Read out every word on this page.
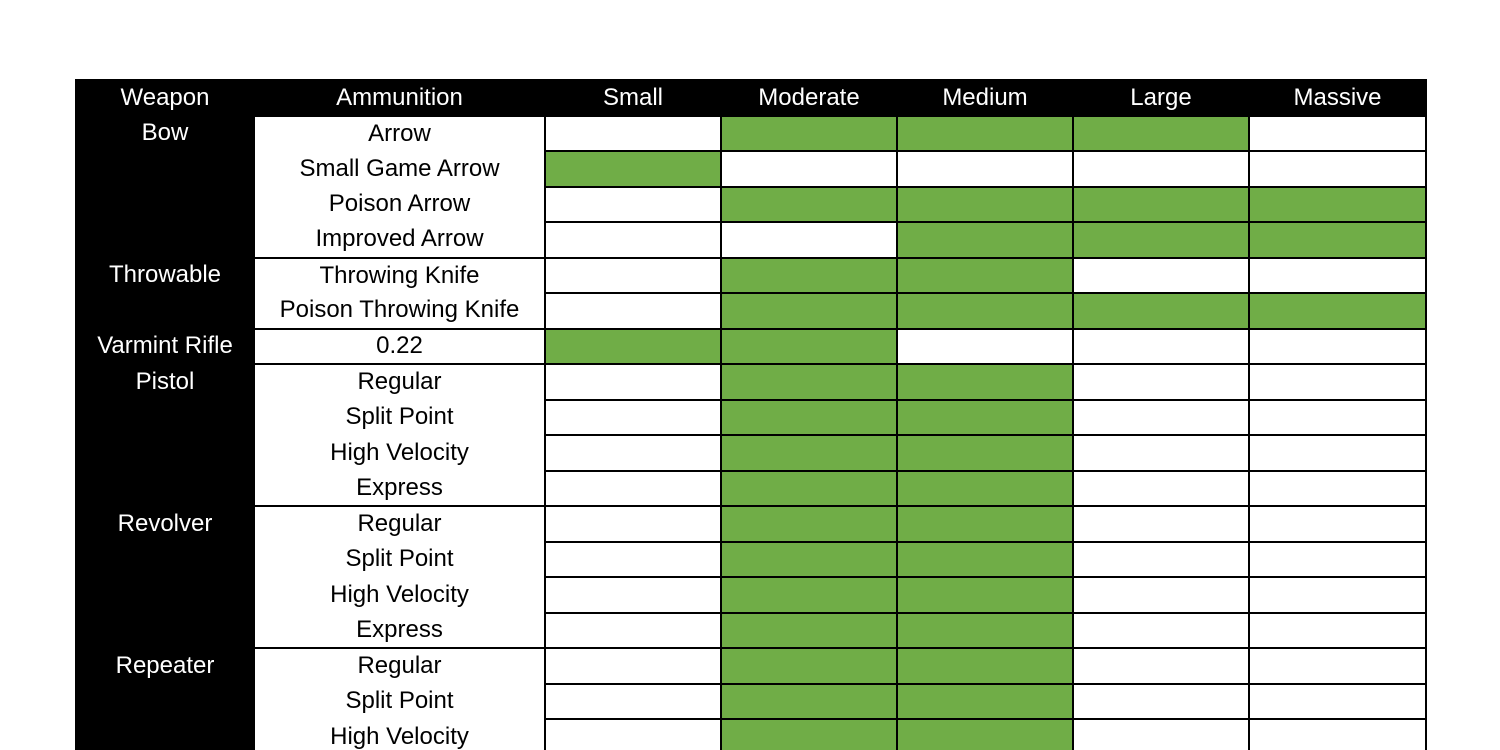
Weapon	Ammunition	Small	Moderate	Medium	Large	Massive
Bow	Arrow					
	Small Game Arrow					
	Poison Arrow					
	Improved Arrow					
Throwable	Throwing Knife					
	Poison Throwing Knife					
Varmint Rifle	0.22					
Pistol	Regular					
	Split Point					
	High Velocity					
	Express					
Revolver	Regular					
	Split Point					
	High Velocity					
	Express					
Repeater	Regular					
	Split Point					
	High Velocity					
